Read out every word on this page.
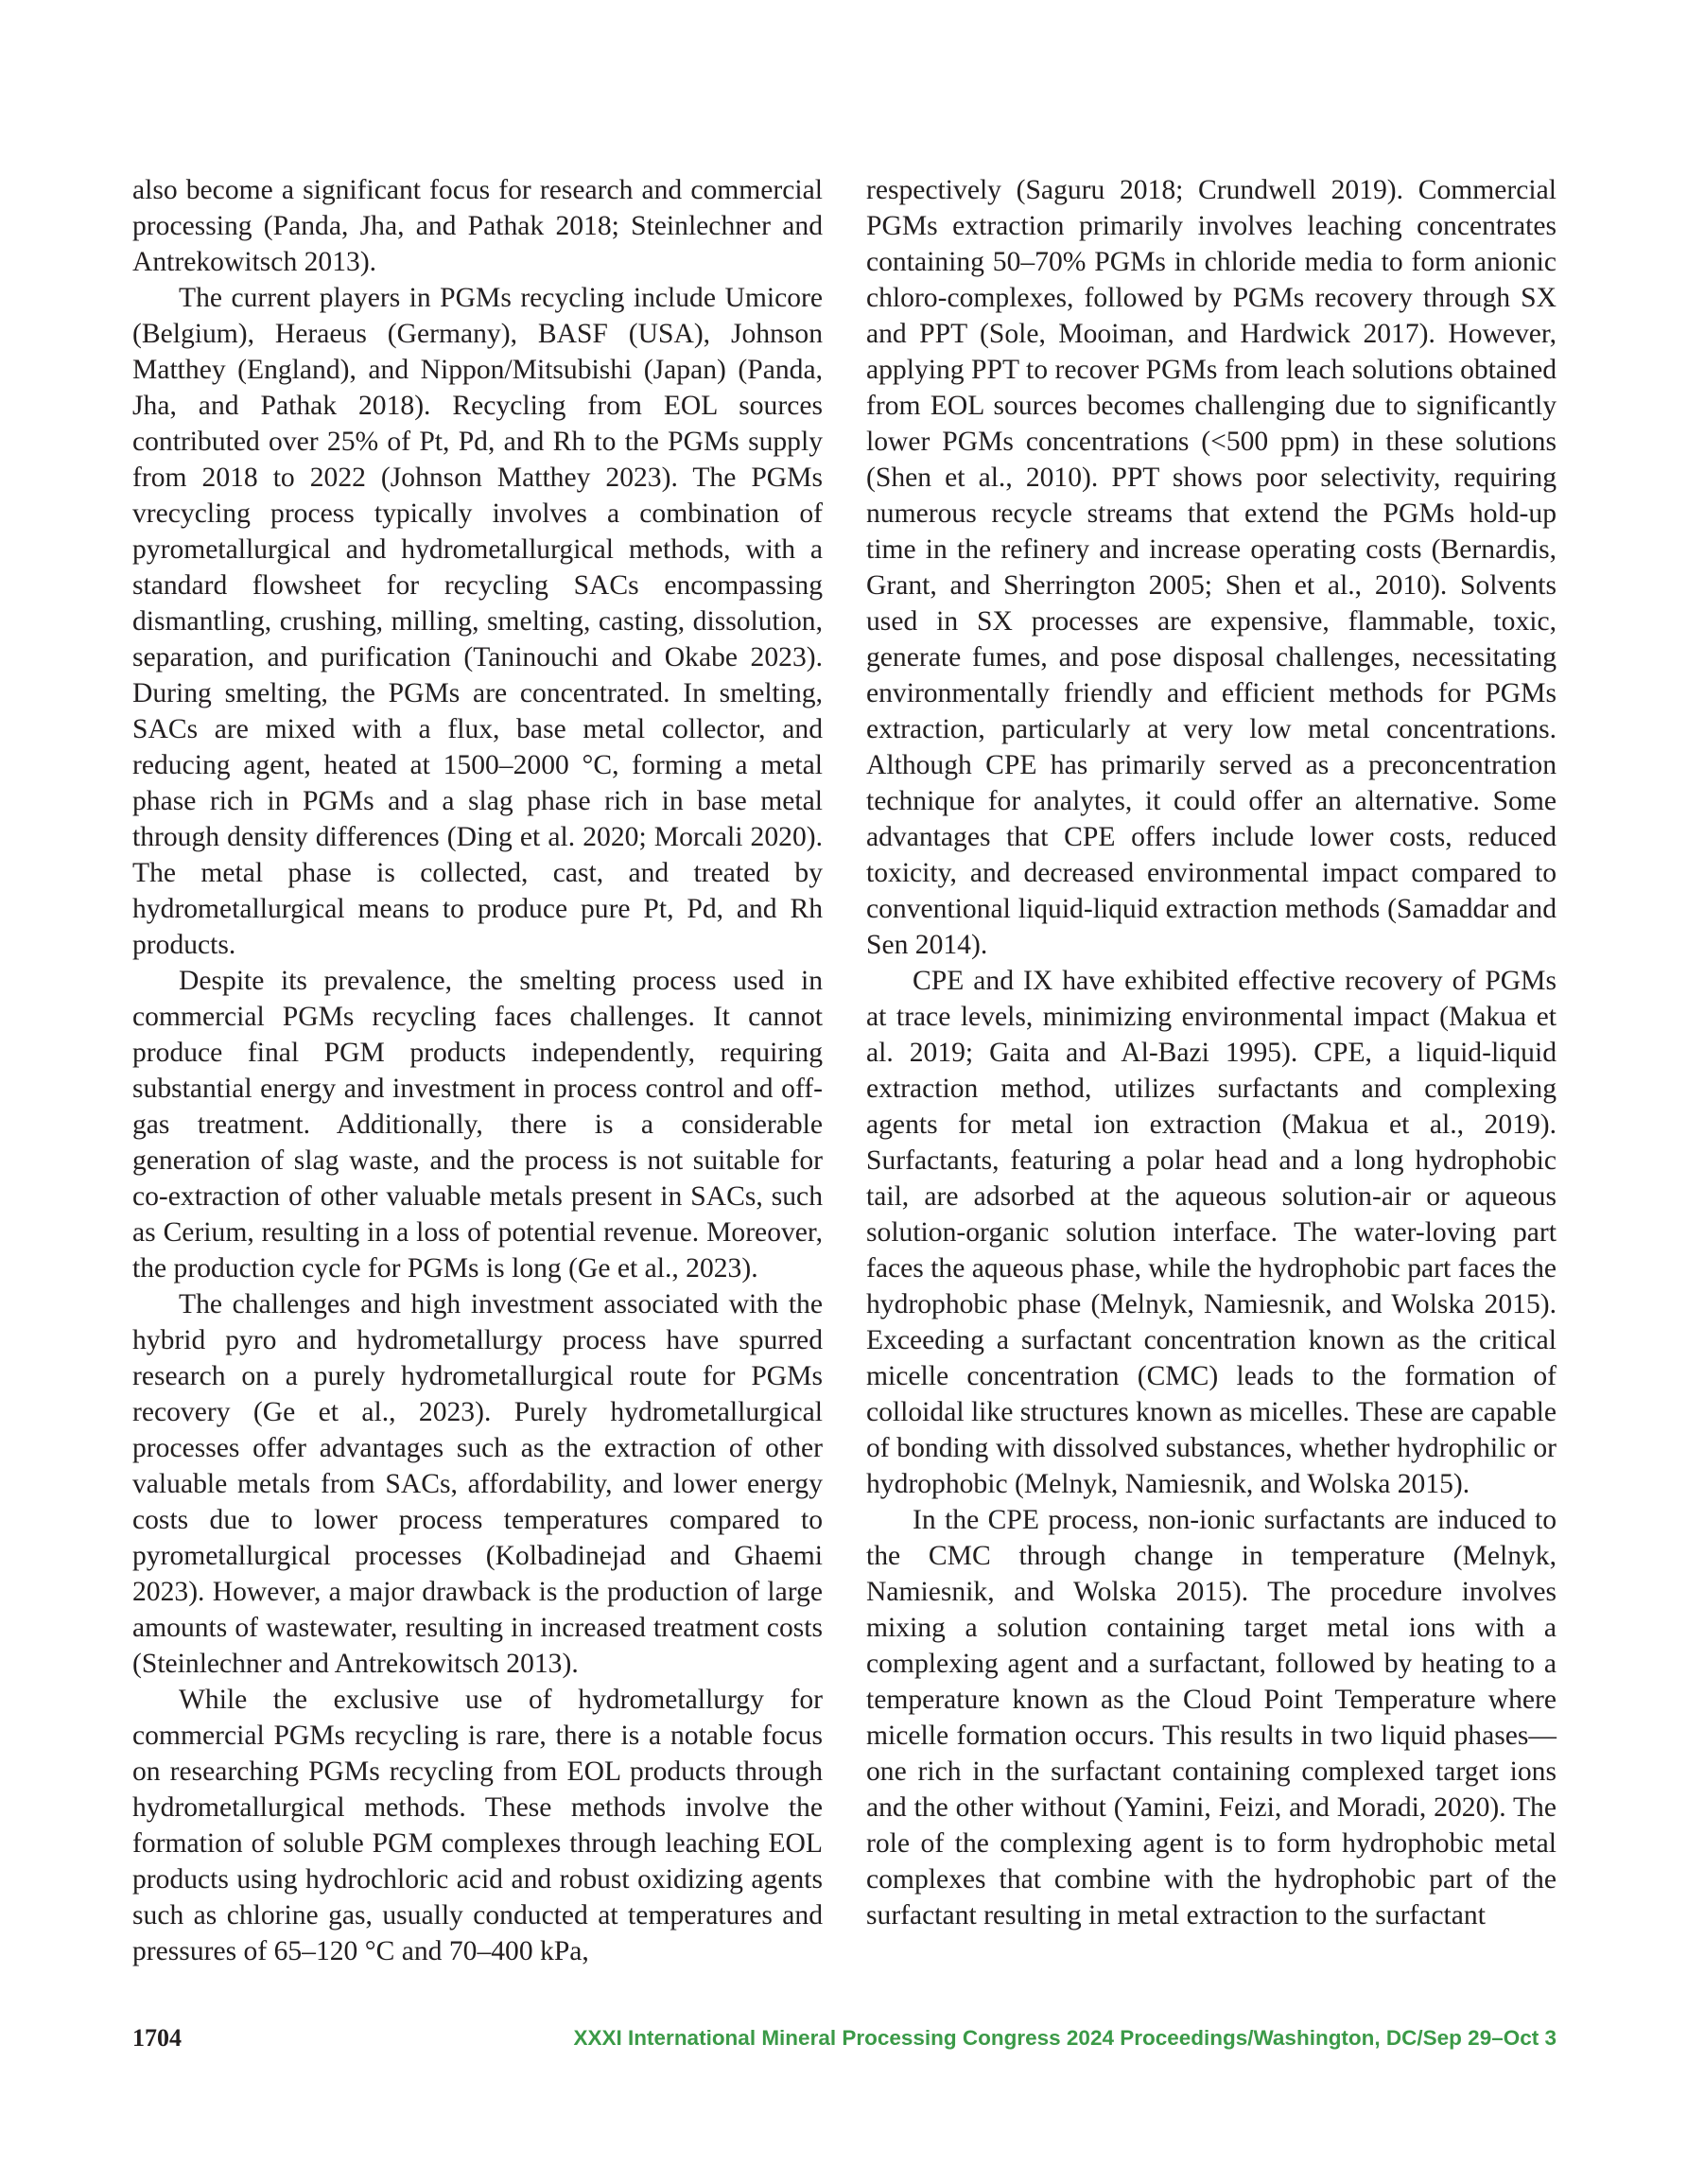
also become a significant focus for research and commercial processing (Panda, Jha, and Pathak 2018; Steinlechner and Antrekowitsch 2013).

The current players in PGMs recycling include Umicore (Belgium), Heraeus (Germany), BASF (USA), Johnson Matthey (England), and Nippon/Mitsubishi (Japan) (Panda, Jha, and Pathak 2018). Recycling from EOL sources contributed over 25% of Pt, Pd, and Rh to the PGMs supply from 2018 to 2022 (Johnson Matthey 2023). The PGMs vrecycling process typically involves a combination of pyrometallurgical and hydrometallurgical methods, with a standard flowsheet for recycling SACs encompassing dismantling, crushing, milling, smelting, casting, dissolution, separation, and purification (Taninouchi and Okabe 2023). During smelting, the PGMs are concentrated. In smelting, SACs are mixed with a flux, base metal collector, and reducing agent, heated at 1500–2000 °C, forming a metal phase rich in PGMs and a slag phase rich in base metal through density differences (Ding et al. 2020; Morcali 2020). The metal phase is collected, cast, and treated by hydrometallurgical means to produce pure Pt, Pd, and Rh products.

Despite its prevalence, the smelting process used in commercial PGMs recycling faces challenges. It cannot produce final PGM products independently, requiring substantial energy and investment in process control and off-gas treatment. Additionally, there is a considerable generation of slag waste, and the process is not suitable for co-extraction of other valuable metals present in SACs, such as Cerium, resulting in a loss of potential revenue. Moreover, the production cycle for PGMs is long (Ge et al., 2023).

The challenges and high investment associated with the hybrid pyro and hydrometallurgy process have spurred research on a purely hydrometallurgical route for PGMs recovery (Ge et al., 2023). Purely hydrometallurgical processes offer advantages such as the extraction of other valuable metals from SACs, affordability, and lower energy costs due to lower process temperatures compared to pyrometallurgical processes (Kolbadinejad and Ghaemi 2023). However, a major drawback is the production of large amounts of wastewater, resulting in increased treatment costs (Steinlechner and Antrekowitsch 2013).

While the exclusive use of hydrometallurgy for commercial PGMs recycling is rare, there is a notable focus on researching PGMs recycling from EOL products through hydrometallurgical methods. These methods involve the formation of soluble PGM complexes through leaching EOL products using hydrochloric acid and robust oxidizing agents such as chlorine gas, usually conducted at temperatures and pressures of 65–120 °C and 70–400 kPa,

respectively (Saguru 2018; Crundwell 2019). Commercial PGMs extraction primarily involves leaching concentrates containing 50–70% PGMs in chloride media to form anionic chloro-complexes, followed by PGMs recovery through SX and PPT (Sole, Mooiman, and Hardwick 2017). However, applying PPT to recover PGMs from leach solutions obtained from EOL sources becomes challenging due to significantly lower PGMs concentrations (<500 ppm) in these solutions (Shen et al., 2010). PPT shows poor selectivity, requiring numerous recycle streams that extend the PGMs hold-up time in the refinery and increase operating costs (Bernardis, Grant, and Sherrington 2005; Shen et al., 2010). Solvents used in SX processes are expensive, flammable, toxic, generate fumes, and pose disposal challenges, necessitating environmentally friendly and efficient methods for PGMs extraction, particularly at very low metal concentrations. Although CPE has primarily served as a preconcentration technique for analytes, it could offer an alternative. Some advantages that CPE offers include lower costs, reduced toxicity, and decreased environmental impact compared to conventional liquid-liquid extraction methods (Samaddar and Sen 2014).

CPE and IX have exhibited effective recovery of PGMs at trace levels, minimizing environmental impact (Makua et al. 2019; Gaita and Al-Bazi 1995). CPE, a liquid-liquid extraction method, utilizes surfactants and complexing agents for metal ion extraction (Makua et al., 2019). Surfactants, featuring a polar head and a long hydrophobic tail, are adsorbed at the aqueous solution-air or aqueous solution-organic solution interface. The water-loving part faces the aqueous phase, while the hydrophobic part faces the hydrophobic phase (Melnyk, Namiesnik, and Wolska 2015). Exceeding a surfactant concentration known as the critical micelle concentration (CMC) leads to the formation of colloidal like structures known as micelles. These are capable of bonding with dissolved substances, whether hydrophilic or hydrophobic (Melnyk, Namiesnik, and Wolska 2015).

In the CPE process, non-ionic surfactants are induced to the CMC through change in temperature (Melnyk, Namiesnik, and Wolska 2015). The procedure involves mixing a solution containing target metal ions with a complexing agent and a surfactant, followed by heating to a temperature known as the Cloud Point Temperature where micelle formation occurs. This results in two liquid phases—one rich in the surfactant containing complexed target ions and the other without (Yamini, Feizi, and Moradi, 2020). The role of the complexing agent is to form hydrophobic metal complexes that combine with the hydrophobic part of the surfactant resulting in metal extraction to the surfactant

1704	XXXI International Mineral Processing Congress 2024 Proceedings/Washington, DC/Sep 29–Oct 3
